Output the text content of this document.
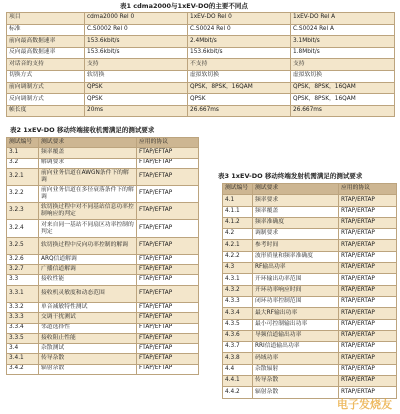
表1 cdma2000与1xEV-DO的主要不同点
项目	cdma2000 Rel 0	1xEV-DO Rel 0	1xEV-DO Rel A
标准	C.S0002 Rel 0	C.S0024 Rel 0	C.S0024 Rel A
前向最高数据速率	153.6kbit/s	2.4Mbit/s	3.1Mbit/s
反向最高数据速率	153.6kbit/s	153.6kbit/s	1.8Mbit/s
对话音的支持	支持	不支持	支持
切换方式	软切换	虚拟软切换	虚拟软切换
前向调制方式	QPSK	QPSK，8PSK，16QAM	QPSK，8PSK，16QAM
反向调制方式	QPSK	QPSK	QPSK，8PSK，16QAM
帧长度	20ms	26.667ms	26.667ms
表2 1xEV-DO 移动终端接收机需满足的测试要求
测试编号	测试要求	应用的协议
3.1	频率覆盖	FTAP/EFTAP
3.2	解调要求	FTAP/EFTAP
3.2.1	前向业务信道在AWGN条件下的解调	FTAP/EFTAP
3.2.2	前向业务信道在多径衰落条件下的解调	FTAP/EFTAP
3.2.3	软切换过程中对不同基站信息功率控制响应的判定	FTAP/EFTAP
3.2.4	对来自同一基站不同扇区功率控制的判定	FTAP/EFTAP
3.2.5	软切换过程中反向功率控制的解调	FTAP/EFTAP
3.2.6	ARQ信道解调	FTAP/EFTAP
3.2.7	广播信道解调	FTAP/EFTAP
3.3	接收性能	FTAP/EFTAP
3.3.1	接收机灵敏度和动态范围	FTAP/EFTAP
3.3.2	单音减敏特性测试	FTAP/EFTAP
3.3.3	交调干扰测试	FTAP/EFTAP
3.3.4	邻道选择性	FTAP/EFTAP
3.3.5	接收阻止性能	FTAP/EFTAP
3.4	杂散测试	FTAP/EFTAP
3.4.1	传导杂散	FTAP/EFTAP
3.4.2	辐射杂散	FTAP/EFTAP
表3 1xEV-DO 移动终端发射机需满足的测试要求
测试编号	测试要求	应用的协议
4.1	频率要求	RTAP/ERTAP
4.1.1	频率覆盖	RTAP/ERTAP
4.1.2	频率准确度	RTAP/ERTAP
4.2	调制要求	RTAP/ERTAP
4.2.1	参考时间	RTAP/ERTAP
4.2.2	波形质量和频率准确度	RTAP/ERTAP
4.3	RF输出功率	RTAP/ERTAP
4.3.1	开环输出功率范围	RTAP/ERTAP
4.3.2	开环功率响应时间	RTAP/ERTAP
4.3.3	闭环功率控制范围	RTAP/ERTAP
4.3.4	最大RF输出功率	RTAP/ERTAP
4.3.5	最小可控制输出功率	RTAP/ERTAP
4.3.6	导频信道输出功率	RTAP/ERTAP
4.3.7	RRI信道输出功率	RTAP/ERTAP
4.3.8	码域功率	RTAP/ERTAP
4.4	杂散辐射	RTAP/ERTAP
4.4.1	传导杂散	RTAP/ERTAP
4.4.2	辐射杂散	RTAP/ERTAP
电子发烧友
